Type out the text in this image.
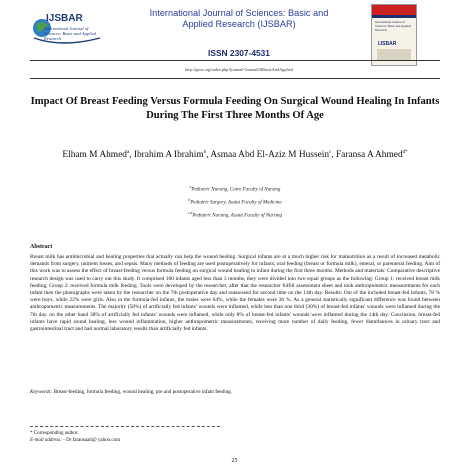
IJSBAR
International Journal of Sciences: Basic and Applied Research
International Journal of Sciences: Basic and
Applied Research (IJSBAR)
ISSN 2307-4531
http://gssrr.org/index.php?journal=JournalOfBasicAndApplied
International Journal of Sciences: Basic and Applied Research
IJSBAR
Impact Of Breast Feeding Versus Formula Feeding On Surgical Wound Healing In Infants During The First Three Months Of Age
Elham M Ahmed$^a$, Ibrahim A Ibrahim$^b$, Asmaa Abd El-Aziz M Hussein$^c$, Faransa A Ahmed$^{d*}$
$^a$Pediatric Nursing, Cairo Faculty of Nursing
$^b$Pediatric Surgery, Assiut Faculty of Medicine
$^{c,d}$Pediatric Nursing, Assiut Faculty of Nursing
Abstract
Breast milk has antimicrobial and healing properties that actually can help the wound healing. Surgical infants are at a much higher risk for malnutrition as a result of increased metabolic demands from surgery, nutrient losses, and sepsis. Many methods of feeding are used postoperatively for infants; oral feeding (breast or formula milk), enteral, or parenteral feeding. Aim of this work was to assess the effect of breast-feeding versus formula feeding on surgical wound healing in infant during the first three months. Methods and materials: Comparative descriptive research design was used to carry out this study. It comprised 100 infants aged less than 3 months, they were divided into two equal groups as the following: Group 1: received breast milk feeding, Group 2: received formula milk feeding. Tools were developed by the researcher, after that the researcher fulfill assessment sheet and took anthropometric measurements for each infant then the photographs were taken by the researcher on the 7th postoperative day and reassessed for second time on the 14th day. Results: Out of the included breast-fed infants, 78 % were boys, while 22% were girls. Also in the formula-fed infants, the males were 64%, while the females were 36 %. As a general statistically significant difference was found between anthropometric measurements. The majority (58%) of artificially fed infants' wounds were inflamed, while less than one third (30%) of breast-fed infants' wounds were inflamed during the 7th day. on the other hand 38% of artificially fed infants' wounds were inflamed, while only 8% of breast-fed infants' wounds were inflamed during the 14th day. Conclusion, breast-fed infants have rapid sound healing, less wound inflammation, higher anthropometric measurements, receiving more number of daily feeding, fewer disturbances in urinary tract and gastrointestinal tract and had normal laboratory results than artificially fed infants.
Keywords: Breast-feeding, formula feeding, wound healing, pre and postoperative infant feeding.
* Corresponding author.
E-mail address: - Dr faransaali@ yahoo.com
25
